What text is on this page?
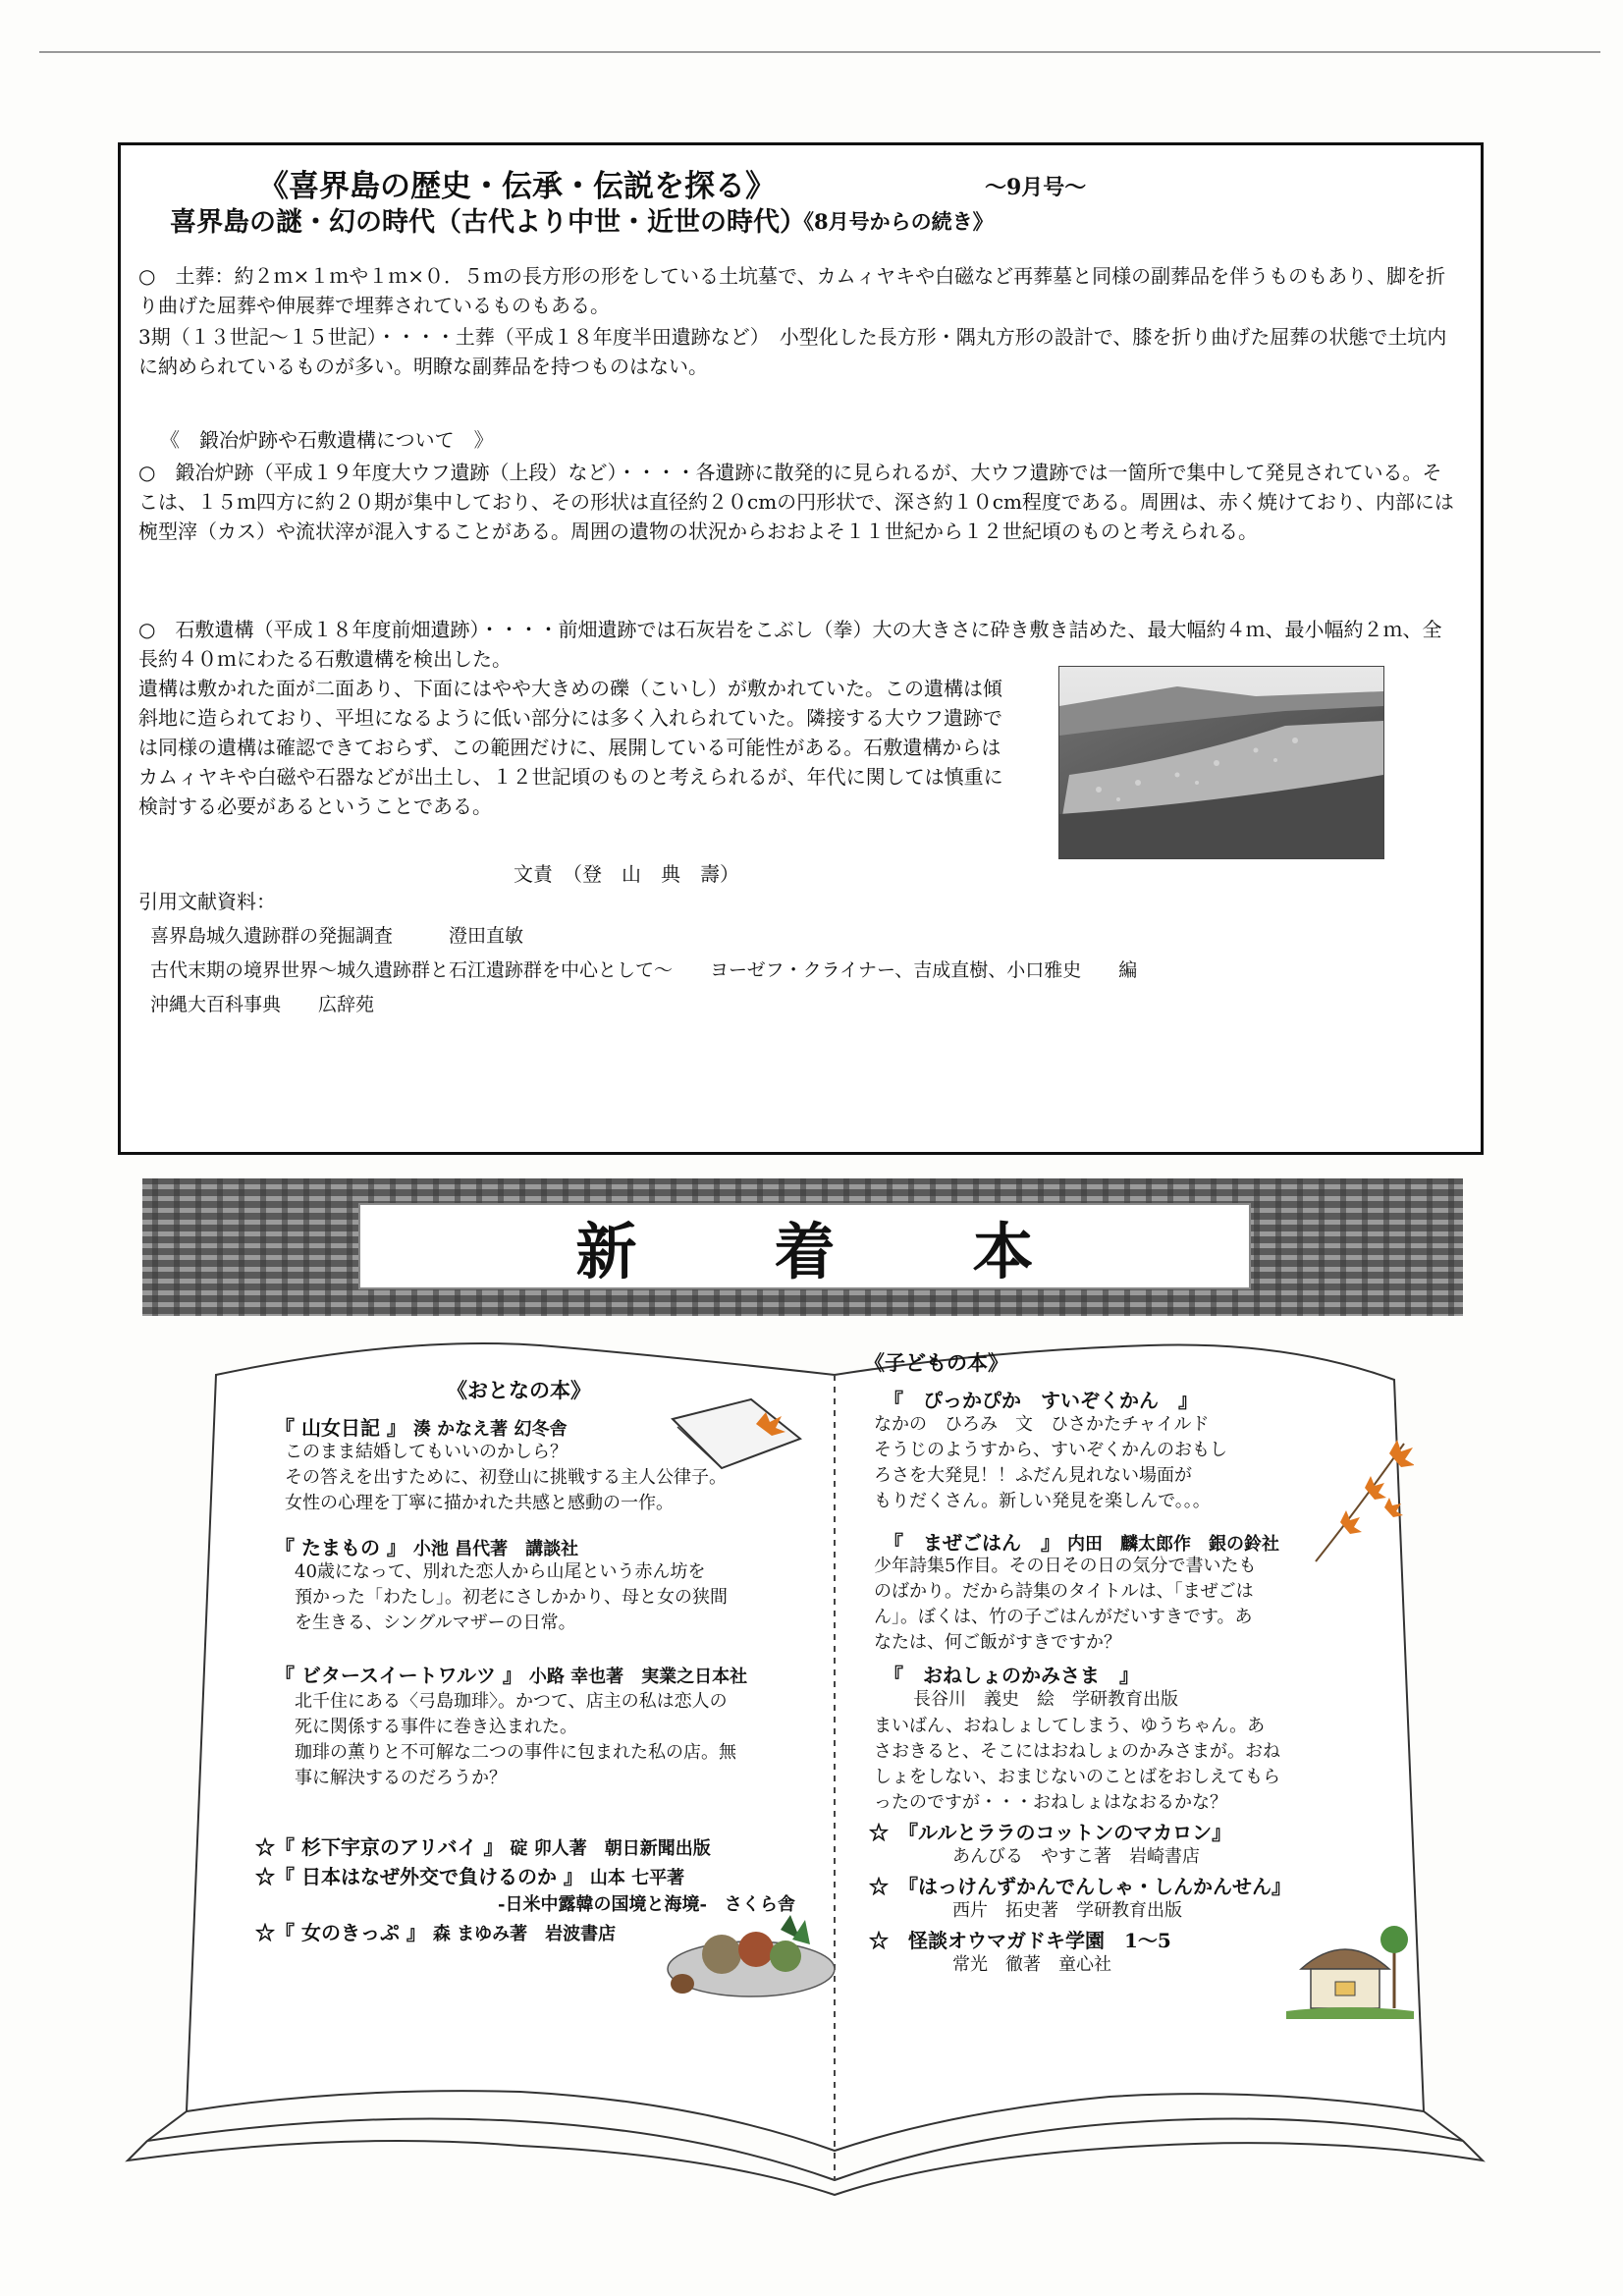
《喜界島の歴史・伝承・伝説を探る》	～9月号～
喜界島の謎・幻の時代（古代より中世・近世の時代）
《8月号からの続き》

○　土葬：約２ｍ×１ｍや１ｍ×０．５ｍの長方形の形をしている土坑墓で、カムィヤキや白磁など再葬墓と同様の副葬品を伴うものもあり、脚を折り曲げた屈葬や伸展葬で埋葬されているものもある。

3期（１３世記～１５世記）・・・・土葬（平成１８年度半田遺跡など）　小型化した長方形・隅丸方形の設計で、膝を折り曲げた屈葬の状態で土坑内に納められているものが多い。明瞭な副葬品を持つものはない。

《　鍛冶炉跡や石敷遺構について　》

○　鍛冶炉跡（平成１９年度大ウフ遺跡（上段）など）・・・・各遺跡に散発的に見られるが、大ウフ遺跡では一箇所で集中して発見されている。そこは、１５ｍ四方に約２０期が集中しており、その形状は直径約２０cmの円形状で、深さ約１０cm程度である。周囲は、赤く焼けており、内部には椀型滓（カス）や流状滓が混入することがある。周囲の遺物の状況からおおよそ１１世紀から１２世紀頃のものと考えられる。

○　石敷遺構（平成１８年度前畑遺跡）・・・・前畑遺跡では石灰岩をこぶし（拳）大の大きさに砕き敷き詰めた、最大幅約４ｍ、最小幅約２ｍ、全長約４０ｍにわたる石敷遺構を検出した。

遺構は敷かれた面が二面あり、下面にはやや大きめの礫（こいし）が敷かれていた。この遺構は傾斜地に造られており、平坦になるように低い部分には多く入れられていた。隣接する大ウフ遺跡では同様の遺構は確認できておらず、この範囲だけに、展開している可能性がある。石敷遺構からはカムィヤキや白磁や石器などが出土し、１２世記頃のものと考えられるが、年代に関しては慎重に検討する必要があるということである。

文責　（登　山　典　壽）

引用文献資料：

喜界島城久遺跡群の発掘調査　　　澄田直敏
古代末期の境界世界～城久遺跡群と石江遺跡群を中心として～　　ヨーゼフ・クライナー、吉成直樹、小口雅史　　編
沖縄大百科事典　　広辞苑
新着本
《おとなの本》
『 山女日記 』 湊 かなえ著 幻冬舎
このまま結婚してもいいのかしら？
その答えを出すために、初登山に挑戦する主人公律子。
女性の心理を丁寧に描かれた共感と感動の一作。
『 たまもの 』 小池 昌代著　講談社
40歳になって、別れた恋人から山尾という赤ん坊を
預かった「わたし」。初老にさしかかり、母と女の狭間
を生きる、シングルマザーの日常。
『 ビタースイートワルツ 』 小路 幸也著　実業之日本社
北千住にある〈弓島珈琲〉。かつて、店主の私は恋人の
死に関係する事件に巻き込まれた。
珈琲の薫りと不可解な二つの事件に包まれた私の店。無
事に解決するのだろうか？
☆『 杉下宇京のアリバイ 』 碇 卯人著　朝日新聞出版
☆『 日本はなぜ外交で負けるのか 』 山本 七平著
　　　　　　　　　　　　 -日米中露韓の国境と海境-　さくら舎
☆『 女のきっぷ 』 森 まゆみ著　岩波書店
《子どもの本》
『　ぴっかぴか　すいぞくかん　』
なかの　ひろみ　文　ひさかたチャイルド
そうじのようすから、すいぞくかんのおもし
ろさを大発見！！ふだん見れない場面が
もりだくさん。新しい発見を楽しんで。。。
『　まぜごはん　』 内田　麟太郎作　銀の鈴社
少年詩集5作目。その日その日の気分で書いたも
のばかり。だから詩集のタイトルは、「まぜごは
ん」。ぼくは、竹の子ごはんがだいすきです。あ
なたは、何ご飯がすきですか？
『　おねしょのかみさま　』
長谷川　義史　絵　学研教育出版
まいばん、おねしょしてしまう、ゆうちゃん。あ
さおきると、そこにはおねしょのかみさまが。おね
しょをしない、おまじないのことばをおしえてもら
ったのですが・・・おねしょはなおるかな？
☆　『ルルとララのコットンのマカロン』
あんびる　やすこ著　岩崎書店
☆　『はっけんずかんでんしゃ・しんかんせん』
西片　拓史著　学研教育出版
☆　怪談オウマガドキ学園　1～5
常光　徹著　童心社
